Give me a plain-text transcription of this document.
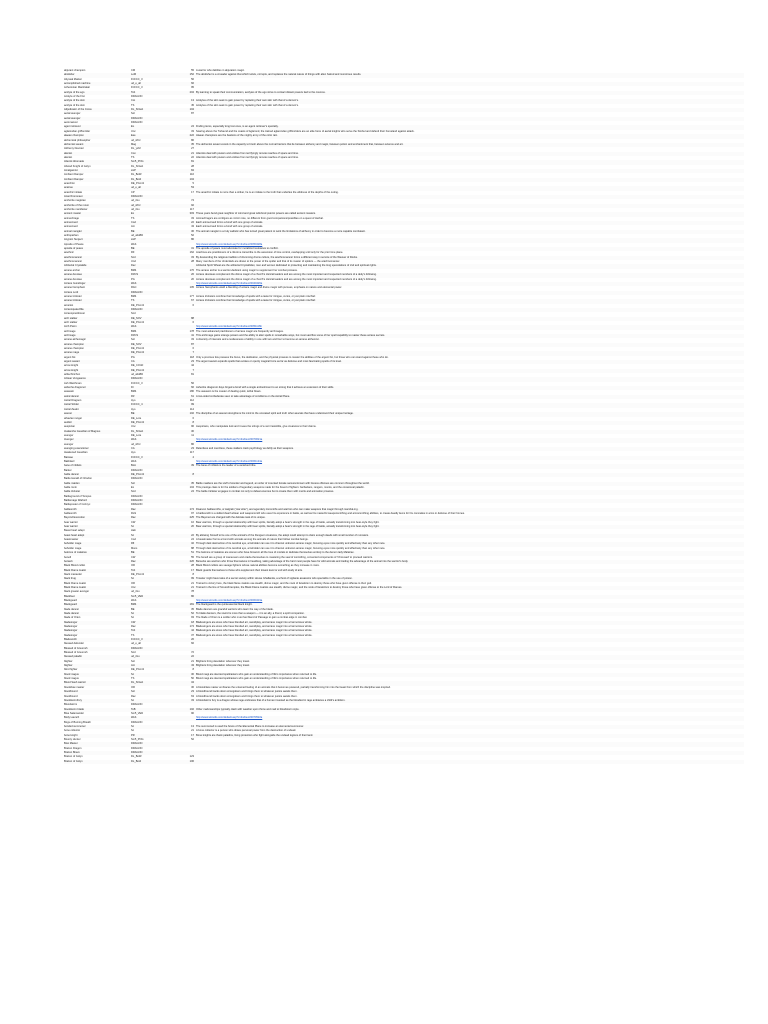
abjurant champion	CM	55 A warrior who dabbles in abjuration magic.
abolisher	LoM	152 The abolisher is a crusader against that which twists, corrupts, and replaces the natural nature of things with alien hatred and monstrous results.
Abyssal Marker	FCI/CC_3	56
accomplished machine	ud_e_all	66
Acheronian Marshalair	FCI/CC_3	95
acolyte of the ego	Tob	204 By learning to speak their communication, acolytes of the ego strive to contact distant powers tied to the cosmos.
Acolyte of the Fist	DRAGON
acolyte of the skin	Cot	13 Acolytes of the skin seek to gain power by replacing their own skin with that of a demon's.
acolyte of the skin	TS	45 Acolytes of the skin seek to gain power by replacing their own skin with that of a demon's.
Adjudicator of the Cross	DL_SOwA	104
aerial avenger	Sol	87
aerial avenger	DRAGON
aeromancer	DRAGON
agent retriever	EL	24 Finding items, especially long lost ones, is an agent retriever's specialty.
aglarondan griffonrider	Unc	33 Soaring above the Turlaund and the coasts of Aglarond, the trained aglarondan griffonriders are an elite force of aerial knights who serve the Simbul and defend their homeland against attack.
alaean champion	Eee	222 Alaean champions are the bastions of the mighty army of the color rain.
alchemical philosopher	ud_sPor	86
alchemist savant	Mag	35 The alchemist savant excels in the capacity to brush above the normal barriers that lie between alchemy and magic, between potion and enchantment that, between science and art.
Alchemy Devoter	DL_ysM	27
alienist	Con	21 Alienists deal with powers and entities from terrifyingly remote reaches of space and time.
alienist	TS	22 Alienists deal with powers and entities from terrifyingly remote reaches of space and time.
Alienist Abomade	Sm5_POG	81
Allured Knight of Golyn	DL_SOwA	28
Amalgamist	sixP	84
Ambient Damper	DL_BotR	116
Ambient Damper	DL_Bot4	104
anarchist	DE_PCon3	5
anatrue	ud_e_all	53
anarchic initiate	CP	17 The anarchic initiate is more than a striker, he is an initiate to the truth that underlies the wildness of the depths of the outing.
Anarchrononaut	DRAGON
anchorite magician	ud_rHu	74
anchorite of the moon	ud_sPor	92
anchorite manifester	ud_rHu	117
ancient master	Ex	303 These years bend great neighbor of mind and great wild-bred psionic powers are called ancient masters.
animechrage	TS	33 Animechrage's are configure as mirror note, no different from good companions/possibles on a quest of Herbal.
animecrued	Cod	22 Each animecrued forms a bond with one group of animals.
animecrued	Ani	43 Each animecrued forms a bond with one group of animals.
animal mangler	BE	36 The animal mangler is a truly sadistic who has turned great patient to work the limitations of alchemy in order to become a more capable combatant.
anthopathan	ud_absBD	52
Anypsin Sunject	sixP	86
Apostle of Peace	Web	http://www.wizards.com/default.asp?x=dnd/ex/20050428a
apostle of peace	BE	31 The apostle of peace must advocate for moralized resistance to conflict.
arachnic	RF	162 Arachnes are practitioners of a ritk-time transcribe to the ascension of time control, overlapping until only for the prior time plane.
arachnomancer	Snd	33 By descending the religious tradition of drumming drums culture, the arachnomancer forms a different way in service of the Weaver of Rocks.
arachnomancer	Und	28 Many members of the Underdark are drawn to the power of the spider and that of its master of spiders — the arachnomancer.
Arbiterial Crystalide	Dec	Arbiterial Spirit Wheel are the arbiterial Crystallides; men and women dedicated to protecting and maintaining the long speculations of civil and spiritual rights.
arcane archer	BM4	176 The arcane archer is a warrior-dedicant using magic to supplement her combat prowess.
arcane devotee	FRCS	26 Arcane devotees complement the divine magic of a church's clerical leaders and are among the most important and respected members of a deity's following.
arcane devotee	PG	20 Arcane devotees complement the divine magic of a church's clerical leaders and are among the most important and respected members of a deity's following.
Arcane Gunslinger	Web	http://www.wizards.com/default.asp?x=dnd/ex/20040426a
arcane hierophant	RAC	105 Arcane hierophants wield a blending of arcane magic and divine magic with pursues, emphasis on nature and elemental power.
Arcane Lord	DRAGON
arcane trickster	BM4	177 Arcane tricksters combine their knowledge of spells with a taste for intrigue, curios, or just plain mischief.
arcane trickster	TS	67 Arcane tricksters combine their knowledge of spells with a taste for intrigue, curios, or just plain mischief.
arcanist	DE_PCon3	6
Arcanoquaterfilia	DRAGON
Arcanopractitioner	Snd
arch stalker	DE_SOV	88
arch stalker	DE_PCon3	6
Arch Psion	Web	http://www.wizards.com/default.asp?x=dnd/ex/20051116b
archmage	BM4	178 The most advanced practitioners of arcane magic are frequently archmages.
archmage	FRCS	41 This archmage gains strange powers and the ability to alter spells in remarkable ways, but must sacrifice some of her spell capability to master these arcane secrets.
arcane alchemagic	Sol	33 A diversity of interests and a restlessness of ability in one with two and four to become an arcane alchemist.
arcane champion	DE_SOV	87
arcane champion	DE_PCon3	6
arcane mage	DE_PCon3	7
argent fist	PG	118 Only a precious few possess the focus, the dedication, and the physical prowess to master the abilities of the argent fist, but those who can stand against these who do.
argent savant	CA	23 The argent savant expands spells that evokes or openly magical force as far as defense and most fascinating spells of its level.
arrow knight	DE_COnD	44
arrow knight	DE_PCon3	7
artilechtrichon	ud_absBD	81
Artisan Vengeance	DRAGON
Ash Watchman	FCI/CC_3	56
ashenhe dragomor	Dr	66 Ashenhe dragomor days forged a bond with a single ambushment to an strong that it achieve an extension of their skills.
assassin	BM4	180 The assassin is the master of dealing quick, lethal blows.
astral dancer	Rtf	61 A two-sided confederate seen to take advantage of conditions on the Astral Plane.
Astral Dragoon	Ayo	112
Astral Strider	FCI/CC_4	99
Astral Zealot	Ayo	114
asucat	BE	102 The discipline of an asucat strengthens his mind to the uncoated spirit and truth other asucats that have understood their unique heritage.
athavian ranger	DE_Lore	6
auditor	DE_PCon3	8
auspician	Unc	96 Auspicians, who manipulate luck and it sees the strings of a net irresistible, give creatures to their claims.
Avalanche Guardian of Magnus	DL_SOwA	30
avenger	DE_Lore	11
Avenger	Web	http://www.wizards.com/default.asp?x=dnd/ex/20070621a
avenger	ud_sPor	86
avenging executioner	CA	23 Relentless and merciless, these stalkers track psychology as deftly as their weapons.
Awakened Guardian	Ayo	117
Baireae	FCI/CC_3	4
Bakblavir	Web	http://www.wizards.com/default.asp?x=dnd/ex/20061124a
bane of infidels	BoA	39 The bane of infidels is the leader of a vanished tribe.
Barker	DRAGON
battle dancer	DE_PCon3	8
Battle Herald of Oriodon	DRAGON
battle maiden	Sol	35 Battle maidens are the stuff of wonder and legend, an order of mounted female samurai known with lioness offenses are common throughout the world.
battle ronin	Ex	104 This prestige class is for the soldiers of legendary weapons made for the breed of fighters: barbarians, rangers, monks, and the occasional paladin.
battle trickster	Snd	24 The battle trickster engages in combat not only to defeat enemies but to create them with merits and animation prowess.
Battleground of Tempus	DRAGON
Battlemage Warlord	DRAGON
Battleposter of Corinyc	DRAGON
battlesmith	Rac	174 Dwarven battlesmiths, or kalgrab ("war elite"), are legendary ironsmiths and warriors who can make weapons that magic through marshal-ing.
battlesmith	RoS	97 A battlesmith is a skilled dwarf artisan and weaponsmith who uses his experience in battle, as well as his masterful weaponsmithing and armorsmithing abilities, to create deadly items for his comrades in arms in defense of their homes.
Beyond Execution	Rac	225 The Bayonet are charged with the delicate task of its unique.
bear warrior	CW	16 Bear warriors, through a special relationship with bear spirits, literally adopt a bear's strength in the rage of battle, actually transforming into bear-style they fight.
bear warrior	Sc	20 Bear warriors, through a special relationship with bear spirits, literally adopt a bear's strength in the rage of battle, actually transforming into bear-style they fight.
Beast heart adept	Hab
beast heart adept	Sc	22 By allowing himself to be one of the animal's of the Dungeon creatures, the adept could attempt to claim enough deeds with small number of monsters.
beastmaster	Cod	24 A beastmaster forms a bond with animals among the animals of nature their fellow combat beings.
beholder mage	Rfl	32 Through dark destruction of its cerebral eye, a beholder can use it to channel unknown arcane magic, focusing eyes more quickly and effectively than any other race.
beholder mage	Mons	88 Through dark destruction of its cerebral eye, a beholder can use it to channel unknown arcane magic, focusing eyes more quickly and effectively than any other race.
belonne of malatrax	BE	51 The belonne of malatrax are women who have forsworn all the love of mortals to dedicate themselves entirely to the demon lady Malatrax.
benefi	CW	55 The benefi are a group of maneuvers and oracle-themselves to mastering the seal of controlling, converted components of 'Chorused' to proceed warriors.
berserk	Rac	226 Berserks are warriors who throw themselves in headlong, taking advantage of the hard most people have for wild animals and trading the advantage of the animal into the warrior's body.
Black Blood cultist	OR	28 Black Blood cultists are savage fighters whose natural abilities become something as they increase in more.
Black Flame zealot	Tob	17 Black guards themselves to those who supplement their lowest level or evil with study of arts.
black marauder	DE_PCon3	8
black thug	Sc	99 Traveler might have tales of a secret society within House Ghallanda, a school of vigilante assassins who specialize in the use of poison.
Black Flame zealot	OR	21 Trained to victory here, the black flame zealots use stealth, divine magic, and the nook of fanaticism to destroy those who have given offense to their god.
Black Flame zealot	Unc	21 Trained in the line of Smurelli temples, the Black Flame zealots use stealth, divine magic, and the nook of fanaticism to destroy those who have given offense to the Lord of Flames.
black greater avenger	ud_rHu	78
Blackfeet	Sm5_VED	86
Blackguard	Web	http://www.wizards.com/default.asp?x=dnd/ex/20060419a
Blackguard	BM4	181 The blackguard is the quintessential black knight.
blade dancer	BE	35 Blade dancers are graceful warriors who learn the way of the blade.
blade dancer	Sc	52 To blade dancers, the sword is more than a weapon — it is an ally, a friend, a spirit companion.
blade of Orien	Sc	93 The blade of Orien is a soldier who must fuel blend of Passage to gain a combat edge in combat.
bladesinger	CW	18 Bladesingers are elves who have blended art, swordplay, and arcane magic into a harmonious whole.
bladesinger	Rac	174 Bladesingers are elves who have blended art, swordplay, and arcane magic into a harmonious whole.
bladesinger	Tob	44 Bladesingers are elves who have blended art, swordplay, and arcane magic into a harmonious whole.
bladesinger	TS	37 Bladesingers are elves who have blended art, swordplay, and arcane magic into a harmonious whole.
Bladesmith	FCI/CC_3	26
blessed defender	ud_e_all	66
Blessed of Gruumsh	DRAGON
Blessed of Gruumsh	Snd	72
blessed paladin	ud_rHu	22
blighter	Sol	21 Blighters bring desolation wherever they travel.
blighter	Ant	43 Blighters bring desolation wherever they travel.
blind fighter	DE_PCon3	8
blood magus	Sc	30 Blood magi are devoted spellcasters who gain an understanding of life's importance when returned to life.
blood magus	TS	50 Blood magi are devoted spellcasters who gain an understanding of life's importance when returned to life.
Blood Sash warrior	DL_SOwA	34
bloodclaw master	OR	36 A bloodclaw master embraces the untamed feeling of an animals that it becomes powered, partially transforming him into the beast from which the discipline was inspired.
bloodhound	Sol	23 A bloodhound tracks down wrongdoers and brings them to whatever justice awaits them.
bloodhound	Rac	63 A bloodhound tracks down wrongdoers and brings them to whatever justice awaits them.
bloodstorm/fury	Sc	33 A bloodstorm fury is a dragon whose rage embraces that of a human invested as the bloodied in rage ambiance a child's ambition.
Bloodstorm	DRAGON
bloodstorm blade	ToB	102 Other markmanships typically clash with weather upon throw and mail to bloodstorm style.
Blue Salamander	Sm5_VED	90
Body Launch	Web	http://www.wizards.com/default.asp?x=dnd/ex/20070522a
Bogs of Burning Breath	DRAGON
bonded summoner	Sc	13 The summoned is used the future of the Elemental Plane to increase an elemental summoner.
bone collector	Sc	21 A bone collector is a person who draws personal power from the destruction of undead.
bone knight	PR	17 Bone knights are thank paladins, living protectors who fight alongside the undead legions of their land.
Bounty Hunter	Sm5_POG	52
Bow Master	DRAGON
Brazen Dragon	DRAGON
Brazen Bravo	DRAGON
Brazen of Golyn	DL_BotR	123
Brazen of Golyn	DL_Bot4	106
